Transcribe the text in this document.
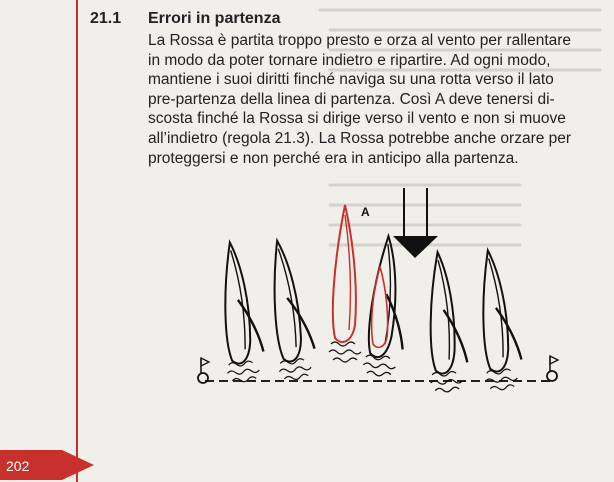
21.1 Errori in partenza
La Rossa è partita troppo presto e orza al vento per rallentare
in modo da poter tornare indietro e ripartire. Ad ogni modo,
mantiene i suoi diritti finché naviga su una rotta verso il lato
pre-partenza della linea di partenza. Così A deve tenersi di-
scosta finché la Rossa si dirige verso il vento e non si muove
all’indietro (regola 21.3). La Rossa potrebbe anche orzare per
proteggersi e non perché era in anticipo alla partenza.
A
202
